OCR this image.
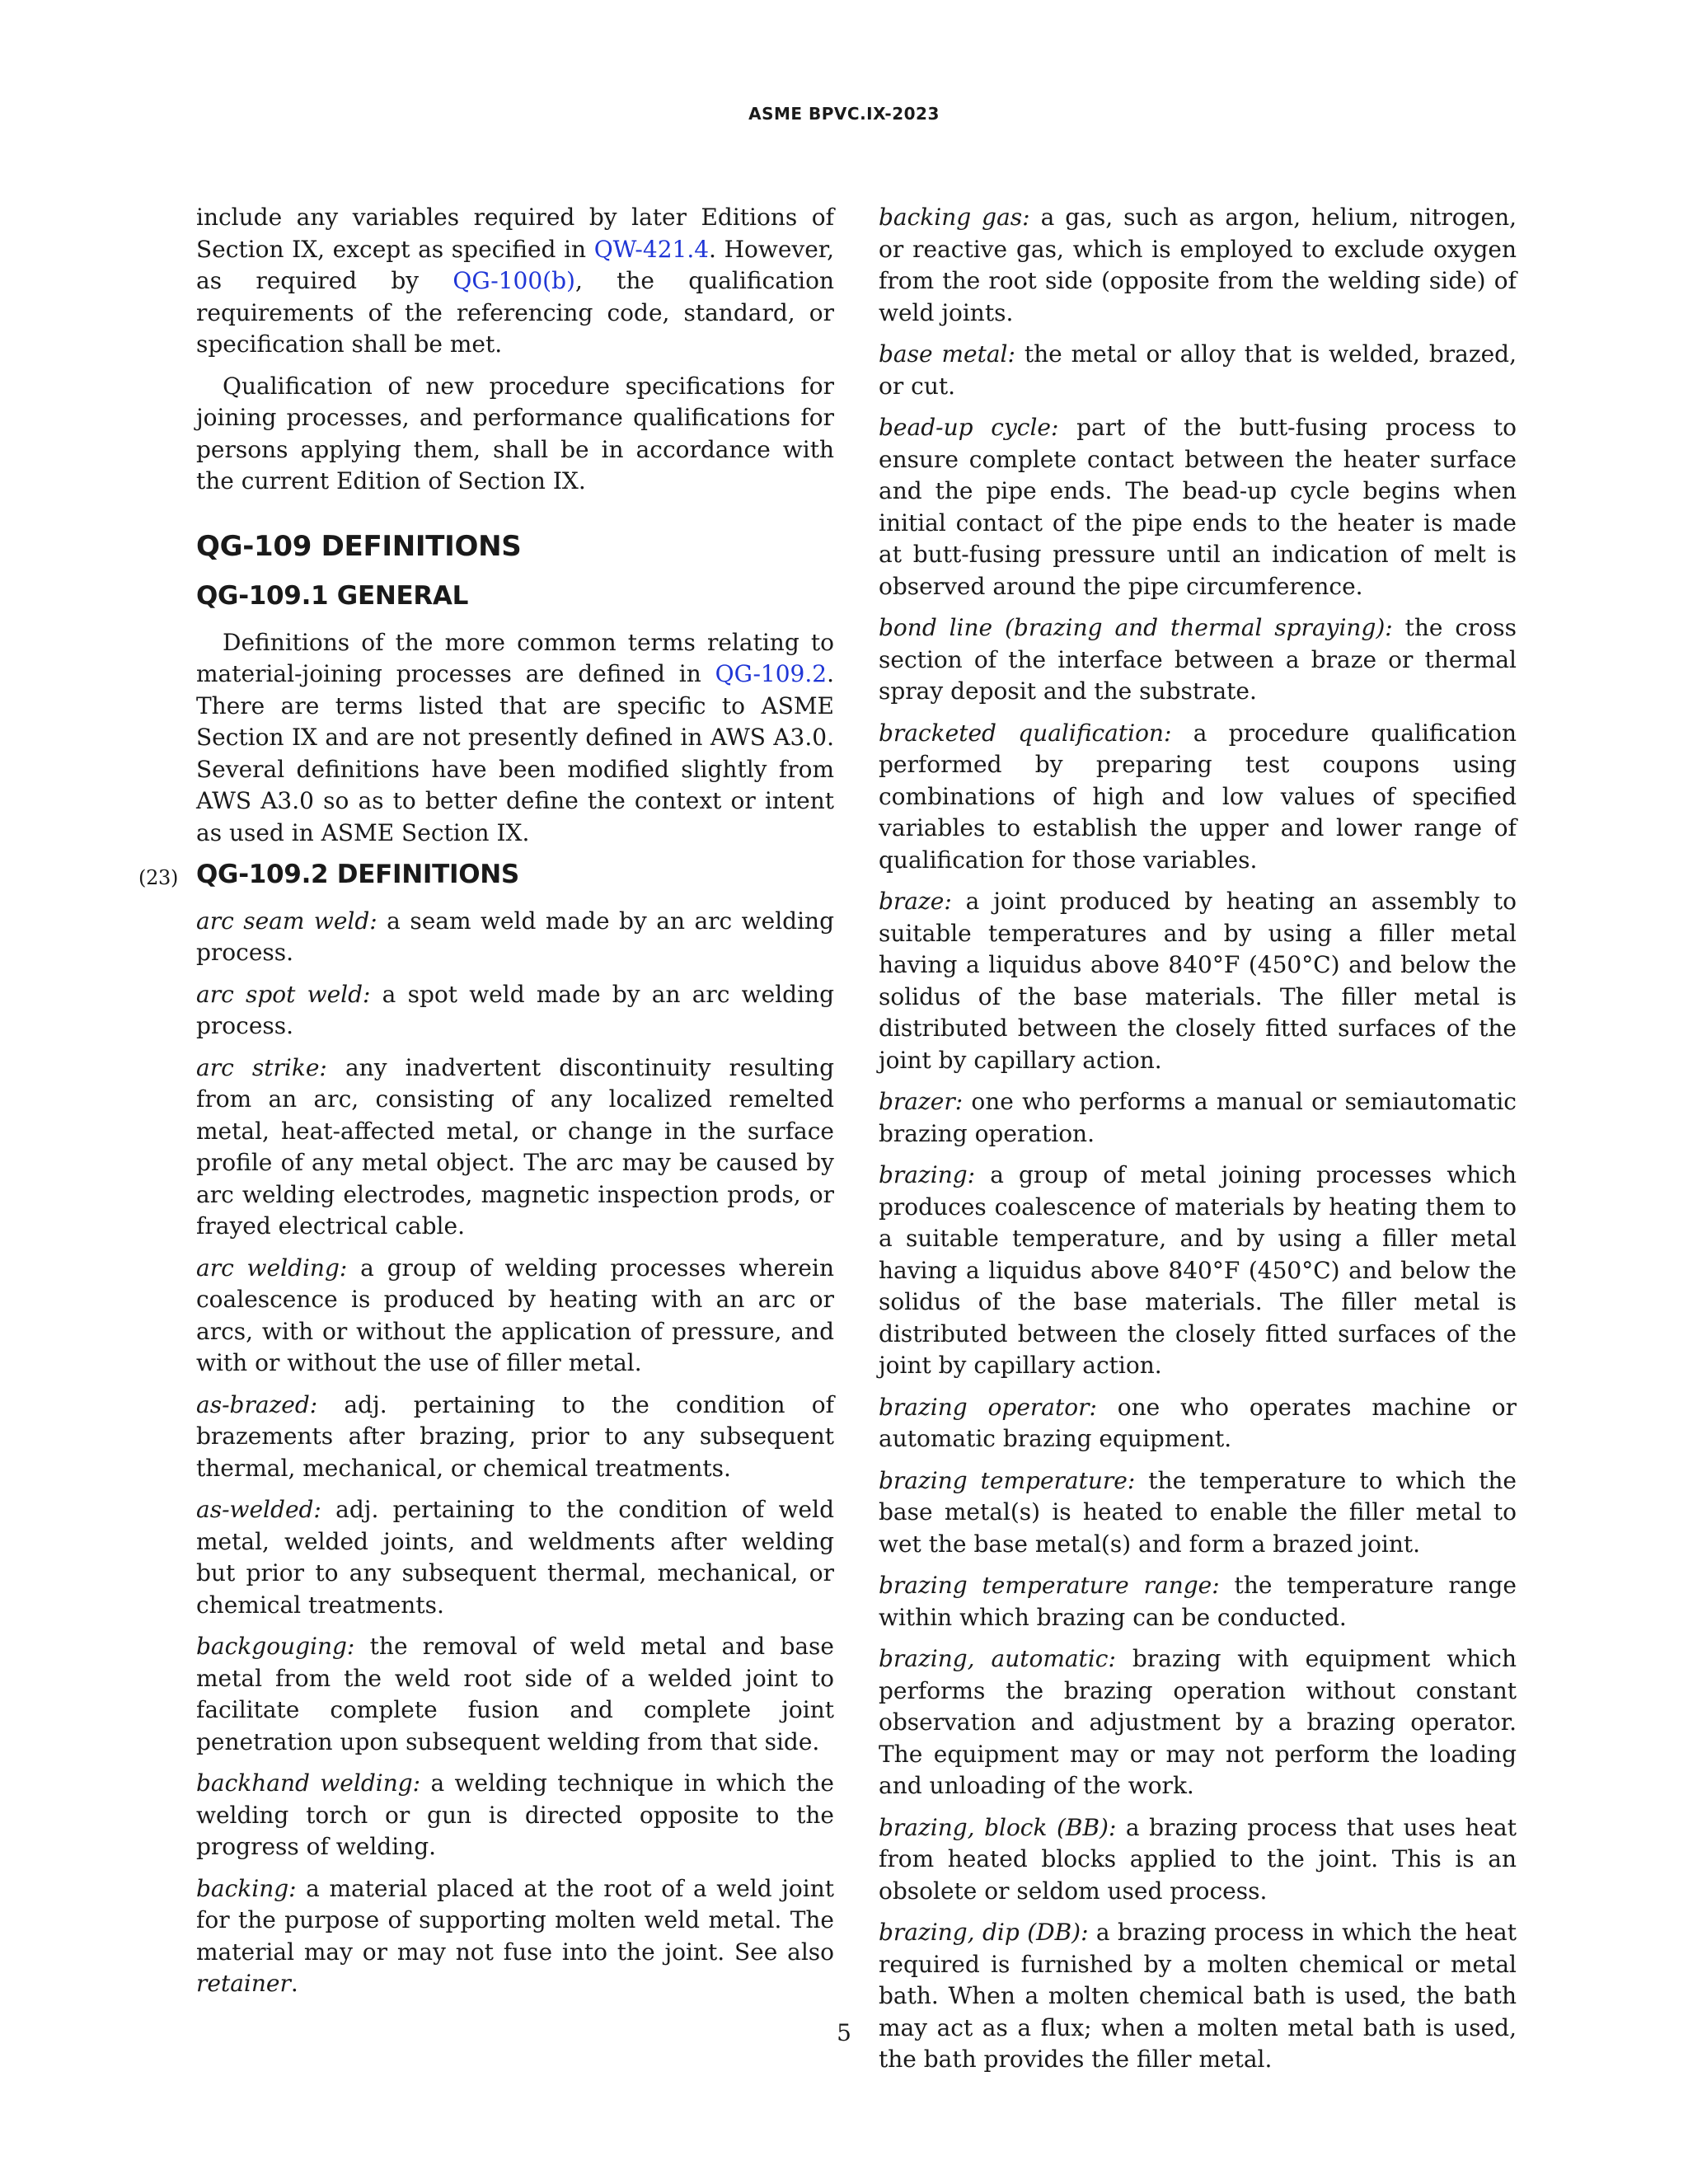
ASME BPVC.IX-2023

include any variables required by later Editions of Section IX, except as specified in QW-421.4. However, as required by QG-100(b), the qualification requirements of the referencing code, standard, or specification shall be met.

Qualification of new procedure specifications for joining processes, and performance qualifications for persons applying them, shall be in accordance with the current Edition of Section IX.

QG-109 DEFINITIONS
QG-109.1 GENERAL

Definitions of the more common terms relating to material-joining processes are defined in QG-109.2. There are terms listed that are specific to ASME Section IX and are not presently defined in AWS A3.0. Several definitions have been modified slightly from AWS A3.0 so as to better define the context or intent as used in ASME Section IX.

(23) QG-109.2 DEFINITIONS

arc seam weld: a seam weld made by an arc welding process.

arc spot weld: a spot weld made by an arc welding process.

arc strike: any inadvertent discontinuity resulting from an arc, consisting of any localized remelted metal, heat-affected metal, or change in the surface profile of any metal object. The arc may be caused by arc welding electrodes, magnetic inspection prods, or frayed electrical cable.

arc welding: a group of welding processes wherein coalescence is produced by heating with an arc or arcs, with or without the application of pressure, and with or without the use of filler metal.

as-brazed: adj. pertaining to the condition of brazements after brazing, prior to any subsequent thermal, mechanical, or chemical treatments.

as-welded: adj. pertaining to the condition of weld metal, welded joints, and weldments after welding but prior to any subsequent thermal, mechanical, or chemical treatments.

backgouging: the removal of weld metal and base metal from the weld root side of a welded joint to facilitate complete fusion and complete joint penetration upon subsequent welding from that side.

backhand welding: a welding technique in which the welding torch or gun is directed opposite to the progress of welding.

backing: a material placed at the root of a weld joint for the purpose of supporting molten weld metal. The material may or may not fuse into the joint. See also retainer.

backing gas: a gas, such as argon, helium, nitrogen, or reactive gas, which is employed to exclude oxygen from the root side (opposite from the welding side) of weld joints.

base metal: the metal or alloy that is welded, brazed, or cut.

bead-up cycle: part of the butt-fusing process to ensure complete contact between the heater surface and the pipe ends. The bead-up cycle begins when initial contact of the pipe ends to the heater is made at butt-fusing pressure until an indication of melt is observed around the pipe circumference.

bond line (brazing and thermal spraying): the cross section of the interface between a braze or thermal spray deposit and the substrate.

bracketed qualification: a procedure qualification performed by preparing test coupons using combinations of high and low values of specified variables to establish the upper and lower range of qualification for those variables.

braze: a joint produced by heating an assembly to suitable temperatures and by using a filler metal having a liquidus above 840°F (450°C) and below the solidus of the base materials. The filler metal is distributed between the closely fitted surfaces of the joint by capillary action.

brazer: one who performs a manual or semiautomatic brazing operation.

brazing: a group of metal joining processes which produces coalescence of materials by heating them to a suitable temperature, and by using a filler metal having a liquidus above 840°F (450°C) and below the solidus of the base materials. The filler metal is distributed between the closely fitted surfaces of the joint by capillary action.

brazing operator: one who operates machine or automatic brazing equipment.

brazing temperature: the temperature to which the base metal(s) is heated to enable the filler metal to wet the base metal(s) and form a brazed joint.

brazing temperature range: the temperature range within which brazing can be conducted.

brazing, automatic: brazing with equipment which performs the brazing operation without constant observation and adjustment by a brazing operator. The equipment may or may not perform the loading and unloading of the work.

brazing, block (BB): a brazing process that uses heat from heated blocks applied to the joint. This is an obsolete or seldom used process.

brazing, dip (DB): a brazing process in which the heat required is furnished by a molten chemical or metal bath. When a molten chemical bath is used, the bath may act as a flux; when a molten metal bath is used, the bath provides the filler metal.

5
